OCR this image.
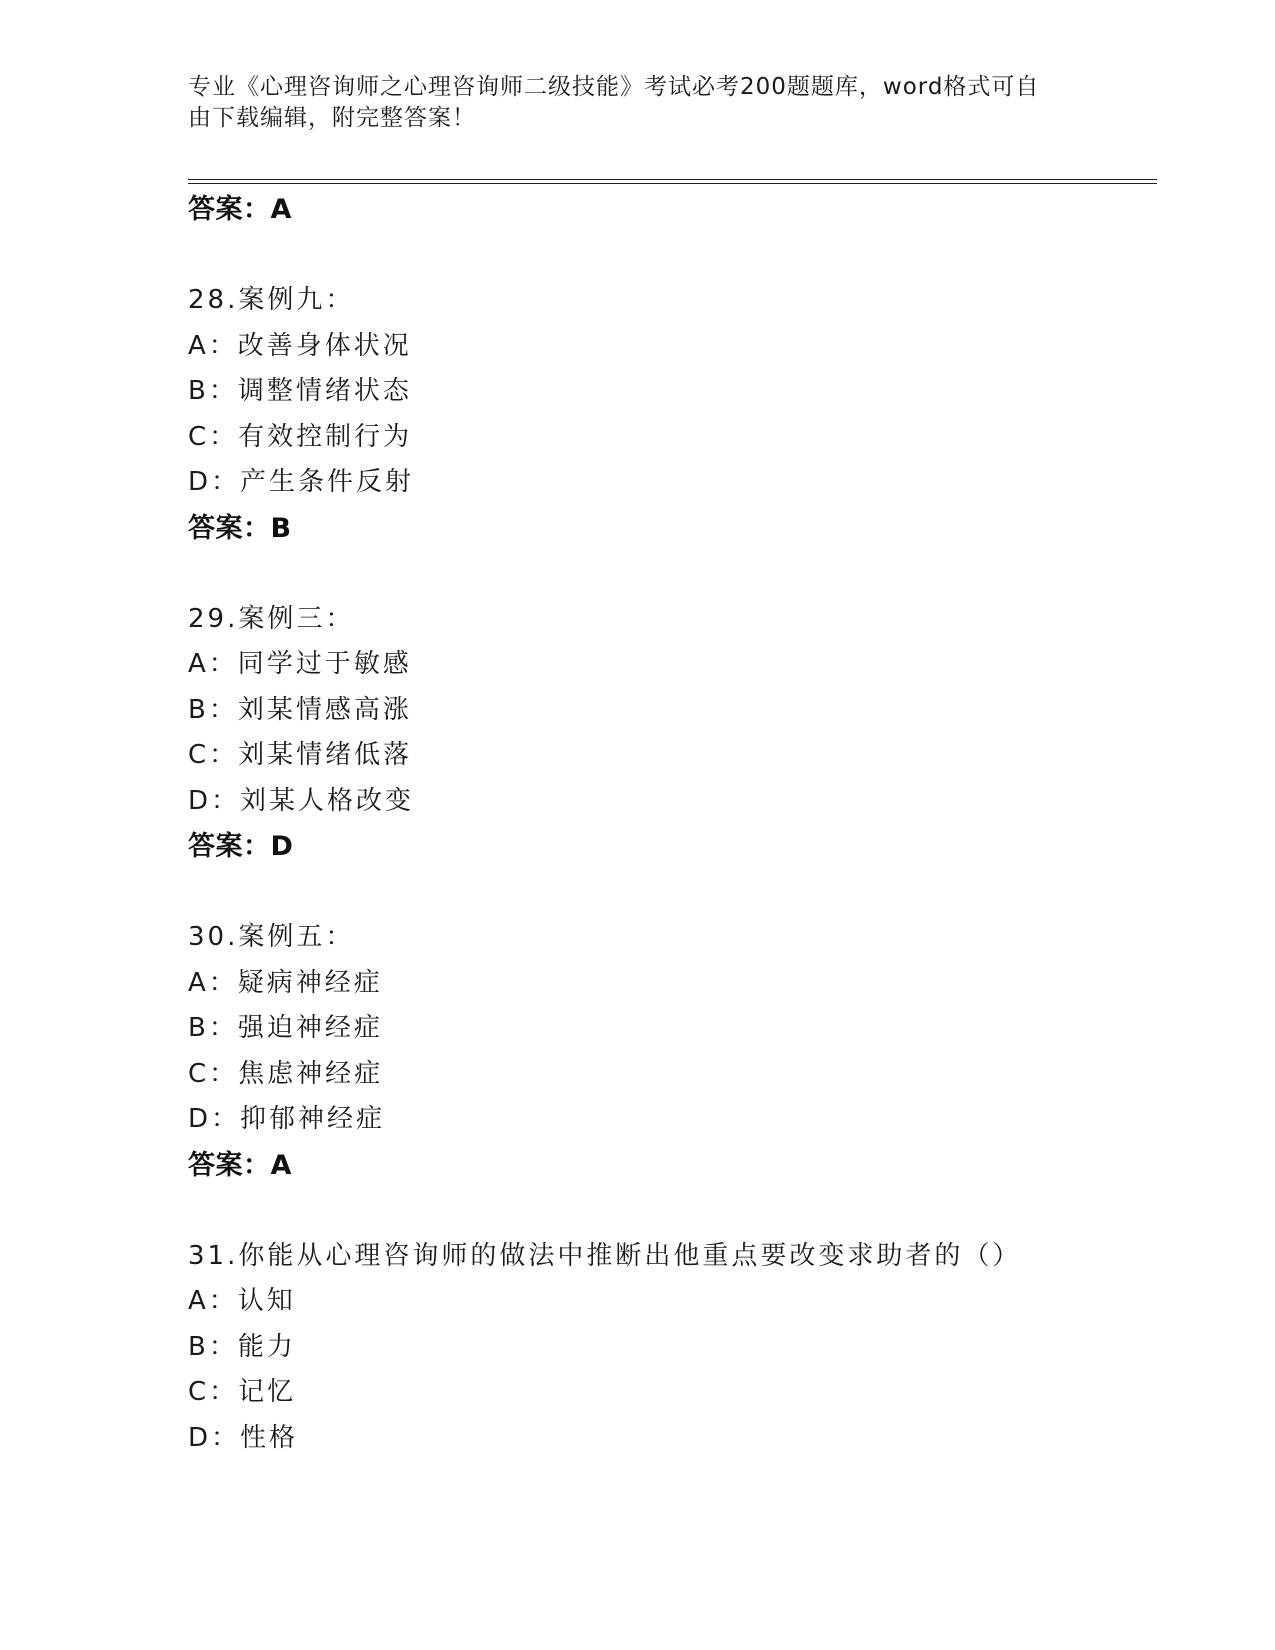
专业《心理咨询师之心理咨询师二级技能》考试必考200题题库，word格式可自
由下载编辑，附完整答案！
答案：A
28.案例九：
A：改善身体状况
B：调整情绪状态
C：有效控制行为
D：产生条件反射
答案：B
29.案例三：
A：同学过于敏感
B：刘某情感高涨
C：刘某情绪低落
D：刘某人格改变
答案：D
30.案例五：
A：疑病神经症
B：强迫神经症
C：焦虑神经症
D：抑郁神经症
答案：A
31.你能从心理咨询师的做法中推断出他重点要改变求助者的（）
A：认知
B：能力
C：记忆
D：性格
